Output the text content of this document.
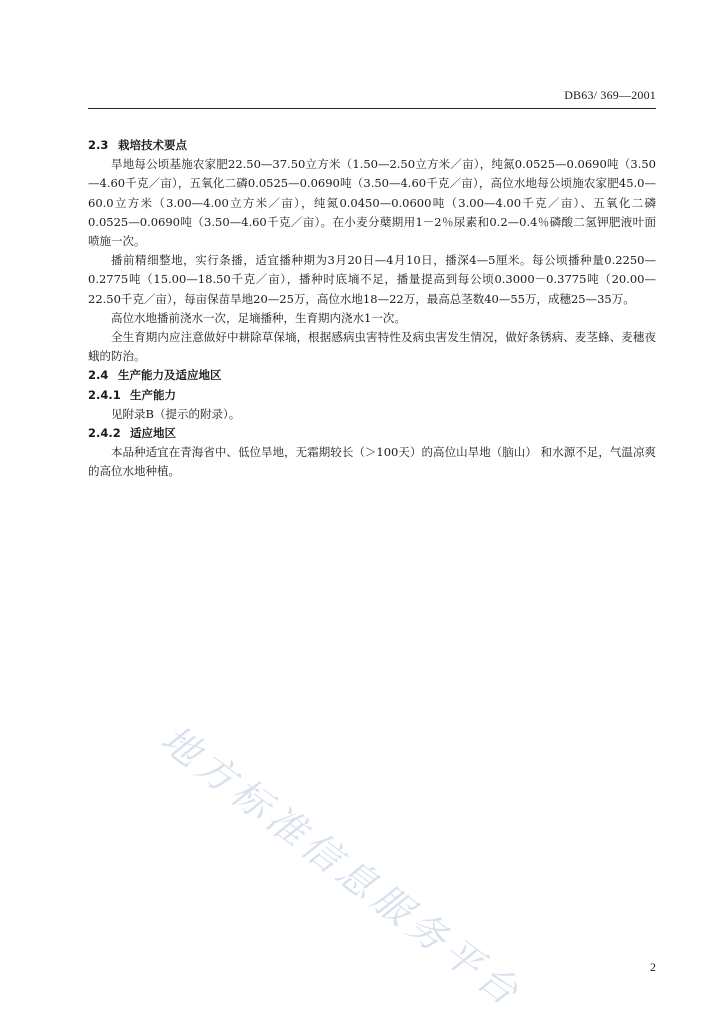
DB63/ 369—2001

2.3 栽培技术要点

旱地每公顷基施农家肥22.50—37.50立方米（1.50—2.50立方米／亩），纯氮0.0525—0.0690吨（3.50—4.60千克／亩），五氧化二磷0.0525—0.0690吨（3.50—4.60千克／亩），高位水地每公顷施农家肥45.0—60.0立方米（3.00—4.00立方米／亩），纯氮0.0450—0.0600吨（3.00—4.00千克／亩）、五氧化二磷0.0525—0.0690吨（3.50—4.60千克／亩）。在小麦分蘖期用1－2％尿素和0.2—0.4％磷酸二氢钾肥液叶面喷施一次。

播前精细整地，实行条播，适宜播种期为3月20日—4月10日，播深4—5厘米。每公顷播种量0.2250—0.2775吨（15.00—18.50千克／亩），播种时底墒不足，播量提高到每公顷0.3000－0.3775吨（20.00—22.50千克／亩），每亩保苗旱地20—25万，高位水地18—22万，最高总茎数40—55万，成穗25—35万。

高位水地播前浇水一次，足墒播种，生育期内浇水1一次。

全生育期内应注意做好中耕除草保墒，根据感病虫害特性及病虫害发生情况，做好条锈病、麦茎蜂、麦穗夜蛾的防治。

2.4 生产能力及适应地区

2.4.1 生产能力

见附录B（提示的附录）。

2.4.2 适应地区

本品种适宜在青海省中、低位旱地，无霜期较长（＞100天）的高位山旱地（脑山） 和水源不足，气温凉爽的高位水地种植。

地方标准信息服务平台	2
